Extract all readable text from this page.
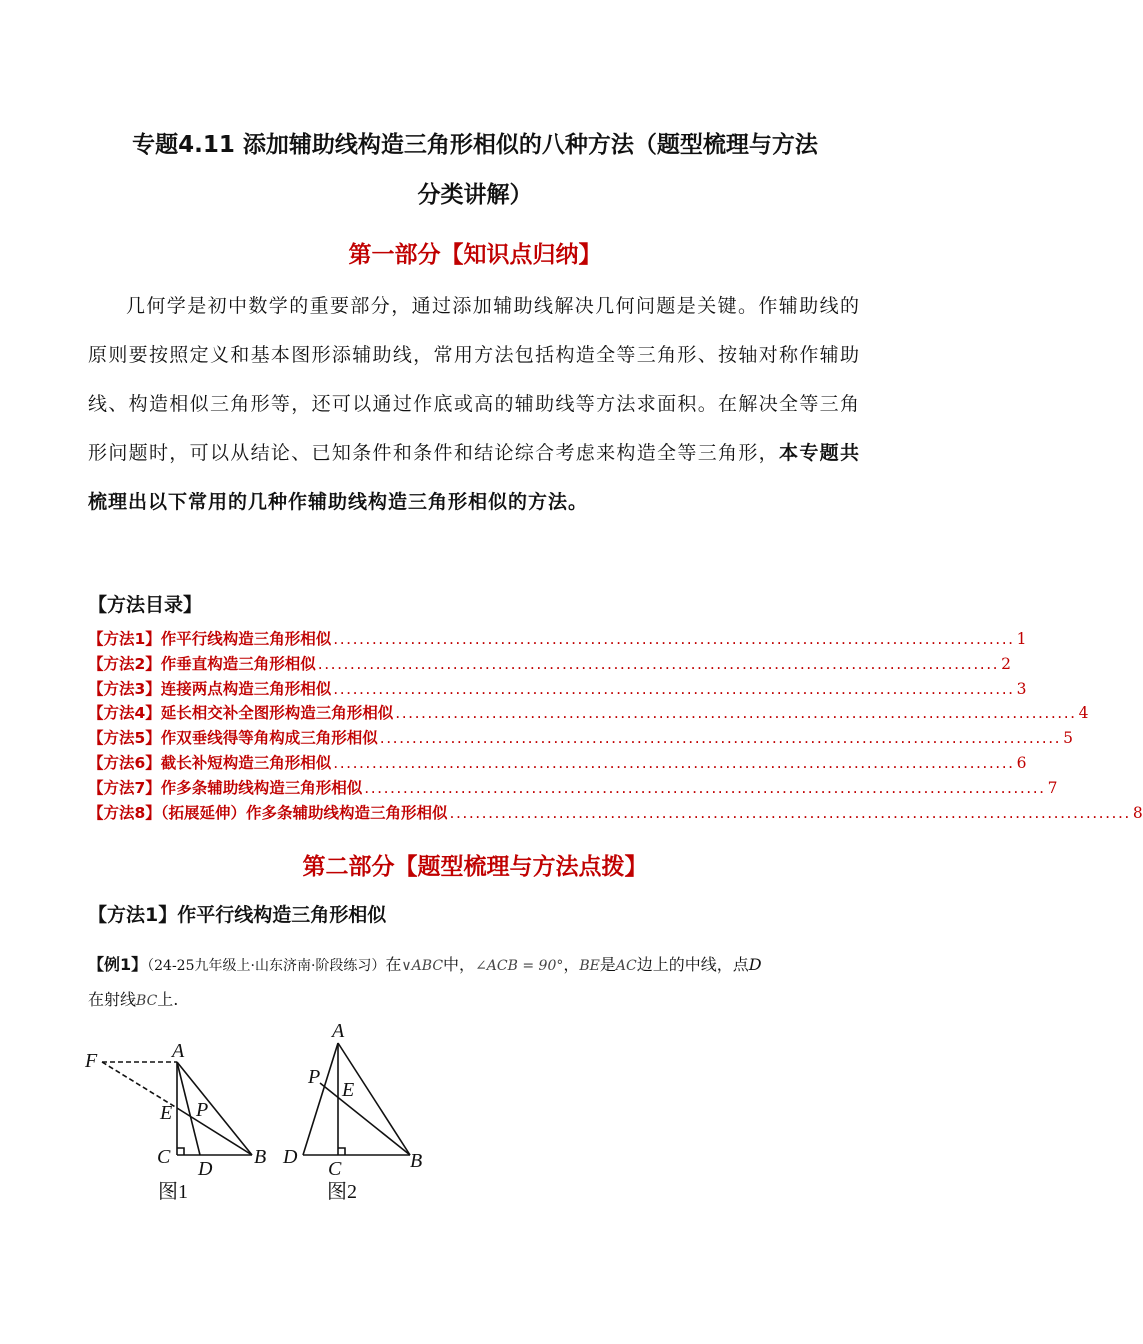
专题4.11 添加辅助线构造三角形相似的八种方法（题型梳理与方法
分类讲解）
第一部分【知识点归纳】
几何学是初中数学的重要部分，通过添加辅助线解决几何问题是关键。作辅助线的原则要按照定义和基本图形添辅助线，常用方法包括构造全等三角形、按轴对称作辅助线、构造相似三角形等，还可以通过作底或高的辅助线等方法求面积。在解决全等三角形问题时，可以从结论、已知条件和条件和结论综合考虑来构造全等三角形，本专题共梳理出以下常用的几种作辅助线构造三角形相似的方法。
【方法目录】
【方法1】作平行线构造三角形相似 .......................................................................................................... 1
【方法2】作垂直构造三角形相似 .......................................................................................................... 2
【方法3】连接两点构造三角形相似 .......................................................................................................... 3
【方法4】延长相交补全图形构造三角形相似 .......................................................................................................... 4
【方法5】作双垂线得等角构成三角形相似 .......................................................................................................... 5
【方法6】截长补短构造三角形相似 .......................................................................................................... 6
【方法7】作多条辅助线构造三角形相似 .......................................................................................................... 7
【方法8】（拓展延伸）作多条辅助线构造三角形相似 .......................................................................................................... 8
第二部分【题型梳理与方法点拨】
【方法1】作平行线构造三角形相似
【例1】（24-25九年级上·山东济南·阶段练习）在∨ABC中，∠ACB = 90°，BE是AC边上的中线，点D
在射线BC上.
A
F
E P
C
D
B
图1
A
P
E
D
C	B
图2
